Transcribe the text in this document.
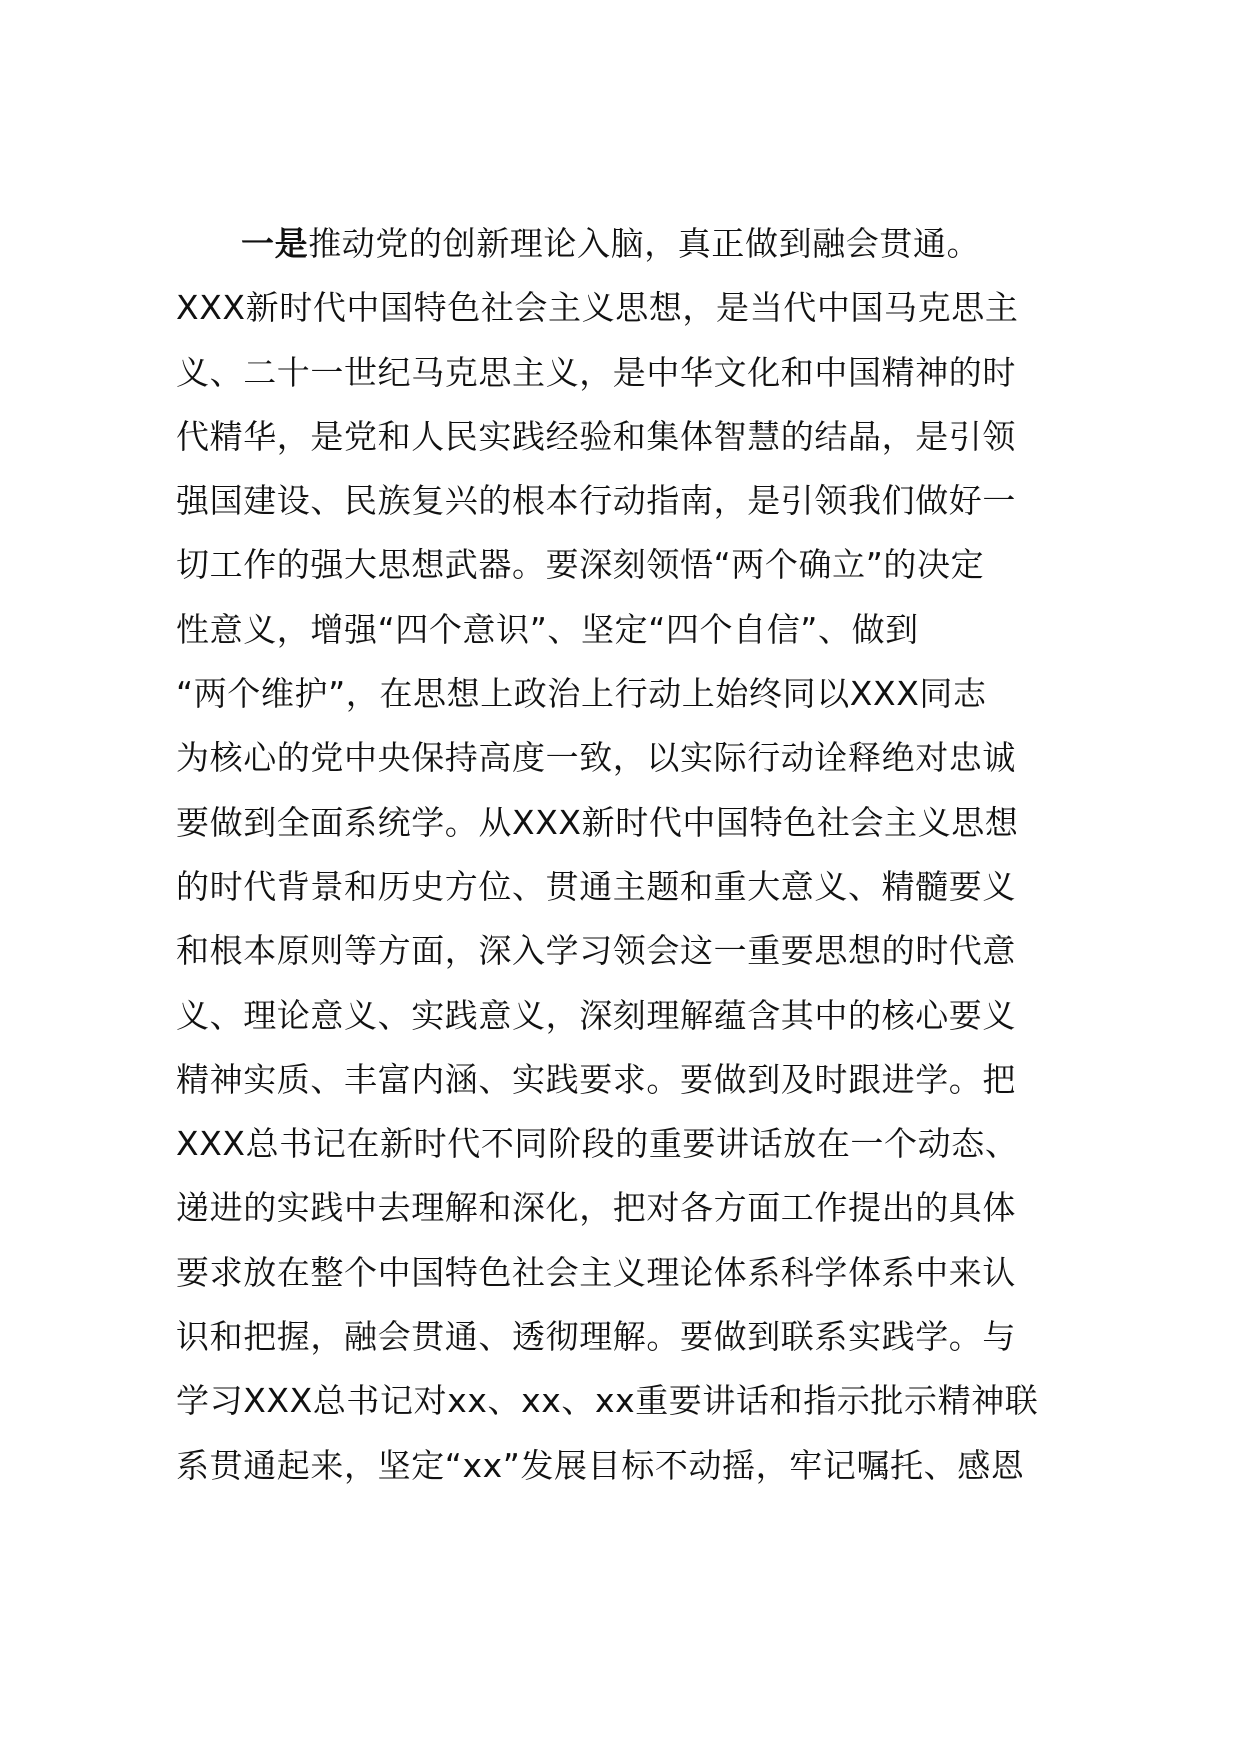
一是推动党的创新理论入脑，真正做到融会贯通。
XXX新时代中国特色社会主义思想，是当代中国马克思主
义、二十一世纪马克思主义，是中华文化和中国精神的时
代精华，是党和人民实践经验和集体智慧的结晶，是引领
强国建设、民族复兴的根本行动指南，是引领我们做好一
切工作的强大思想武器。要深刻领悟“两个确立”的决定
性意义，增强“四个意识”、坚定“四个自信”、做到
“两个维护”，在思想上政治上行动上始终同以XXX同志
为核心的党中央保持高度一致，以实际行动诠释绝对忠诚
要做到全面系统学。从XXX新时代中国特色社会主义思想
的时代背景和历史方位、贯通主题和重大意义、精髓要义
和根本原则等方面，深入学习领会这一重要思想的时代意
义、理论意义、实践意义，深刻理解蕴含其中的核心要义
精神实质、丰富内涵、实践要求。要做到及时跟进学。把
XXX总书记在新时代不同阶段的重要讲话放在一个动态、
递进的实践中去理解和深化，把对各方面工作提出的具体
要求放在整个中国特色社会主义理论体系科学体系中来认
识和把握，融会贯通、透彻理解。要做到联系实践学。与
学习XXX总书记对xx、xx、xx重要讲话和指示批示精神联
系贯通起来，坚定“xx”发展目标不动摇，牢记嘱托、感恩
